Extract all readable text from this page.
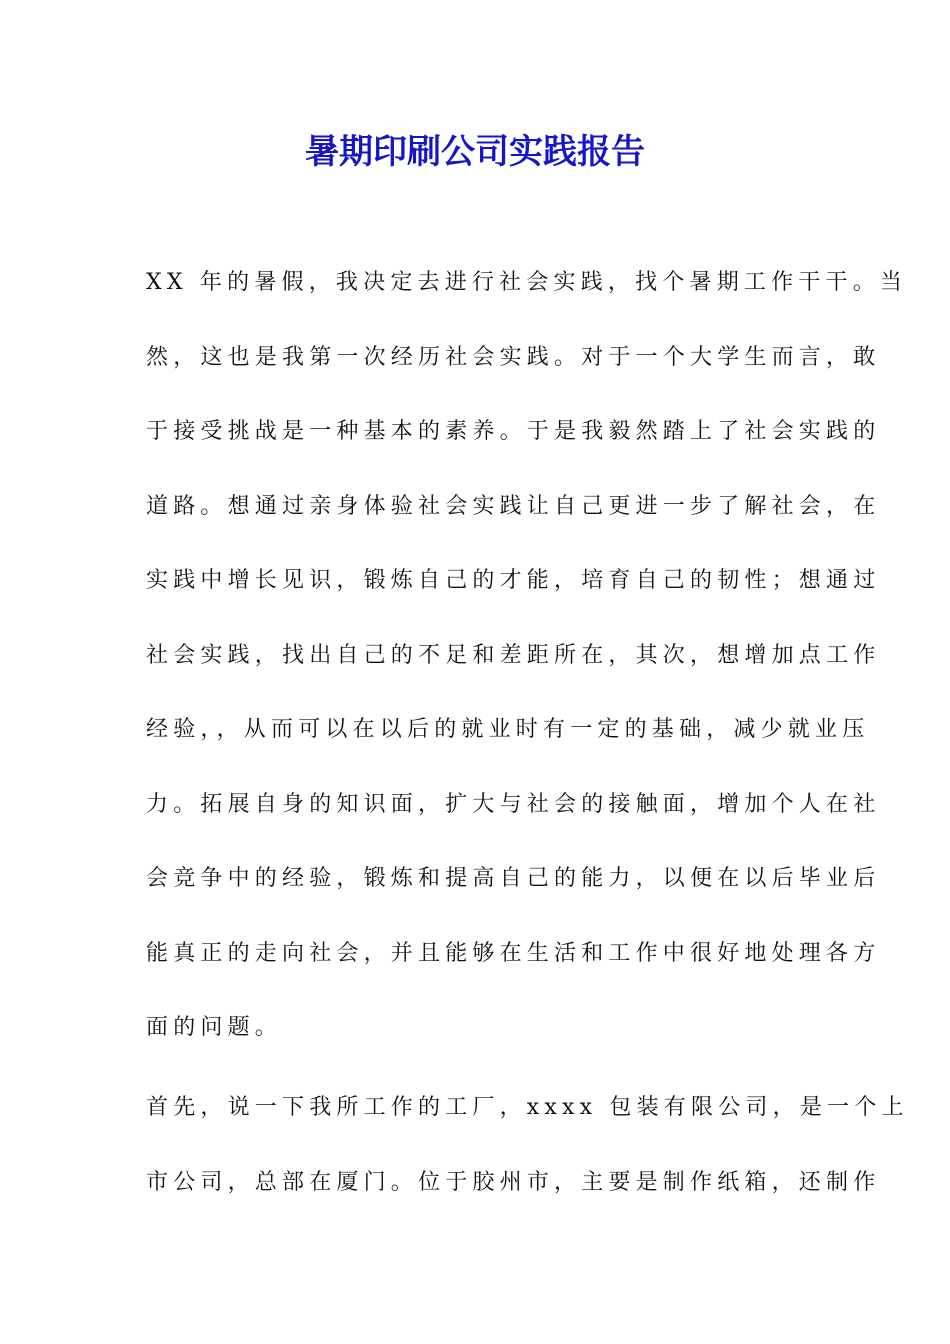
暑期印刷公司实践报告
XX 年的暑假，我决定去进行社会实践，找个暑期工作干干。当
然，这也是我第一次经历社会实践。对于一个大学生而言，敢
于接受挑战是一种基本的素养。于是我毅然踏上了社会实践的
道路。想通过亲身体验社会实践让自己更进一步了解社会，在
实践中增长见识，锻炼自己的才能，培育自己的韧性；想通过
社会实践，找出自己的不足和差距所在，其次，想增加点工作
经验，，从而可以在以后的就业时有一定的基础，减少就业压
力。拓展自身的知识面，扩大与社会的接触面，增加个人在社
会竞争中的经验，锻炼和提高自己的能力，以便在以后毕业后
能真正的走向社会，并且能够在生活和工作中很好地处理各方
面的问题。
首先，说一下我所工作的工厂，xxxx 包装有限公司，是一个上
市公司，总部在厦门。位于胶州市，主要是制作纸箱，还制作
